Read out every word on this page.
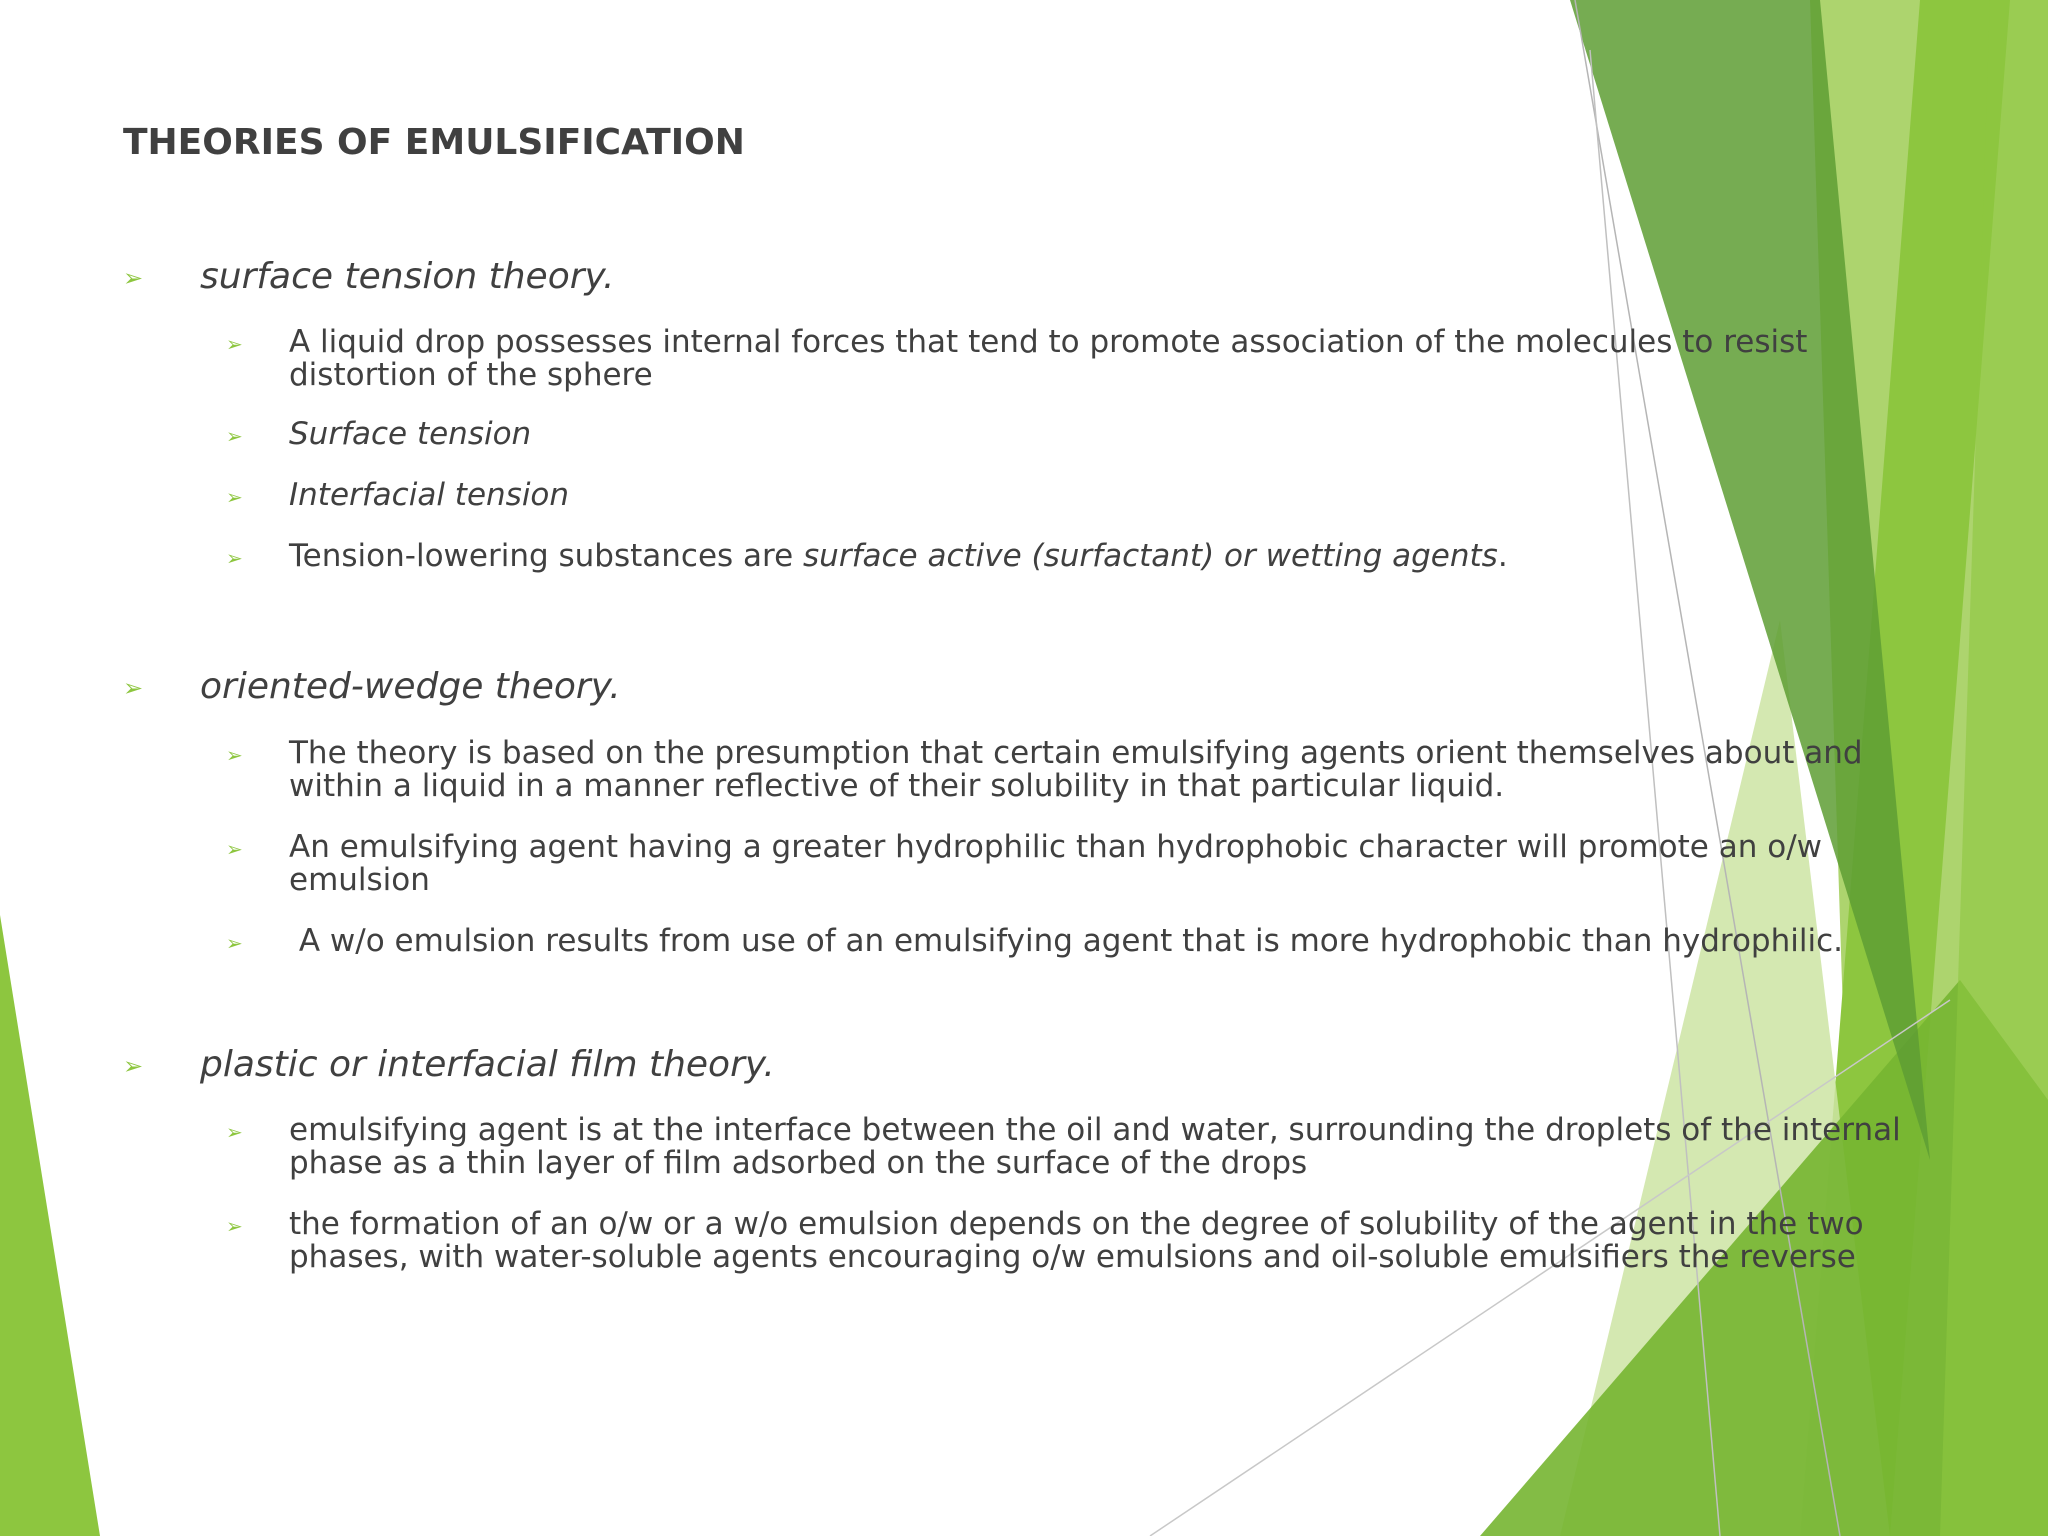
THEORIES OF EMULSIFICATION
➢ surface tension theory.
➢ A liquid drop possesses internal forces that tend to promote association of the molecules to resist distortion of the sphere
➢ Surface tension
➢ Interfacial tension
➢ Tension-lowering substances are surface active (surfactant) or wetting agents.
➢ oriented-wedge theory.
➢ The theory is based on the presumption that certain emulsifying agents orient themselves about and within a liquid in a manner reflective of their solubility in that particular liquid.
➢ An emulsifying agent having a greater hydrophilic than hydrophobic character will promote an o/w emulsion
➢ A w/o emulsion results from use of an emulsifying agent that is more hydrophobic than hydrophilic.
➢ plastic or interfacial film theory.
➢ emulsifying agent is at the interface between the oil and water, surrounding the droplets of the internal phase as a thin layer of film adsorbed on the surface of the drops
➢ the formation of an o/w or a w/o emulsion depends on the degree of solubility of the agent in the two phases, with water-soluble agents encouraging o/w emulsions and oil-soluble emulsifiers the reverse
